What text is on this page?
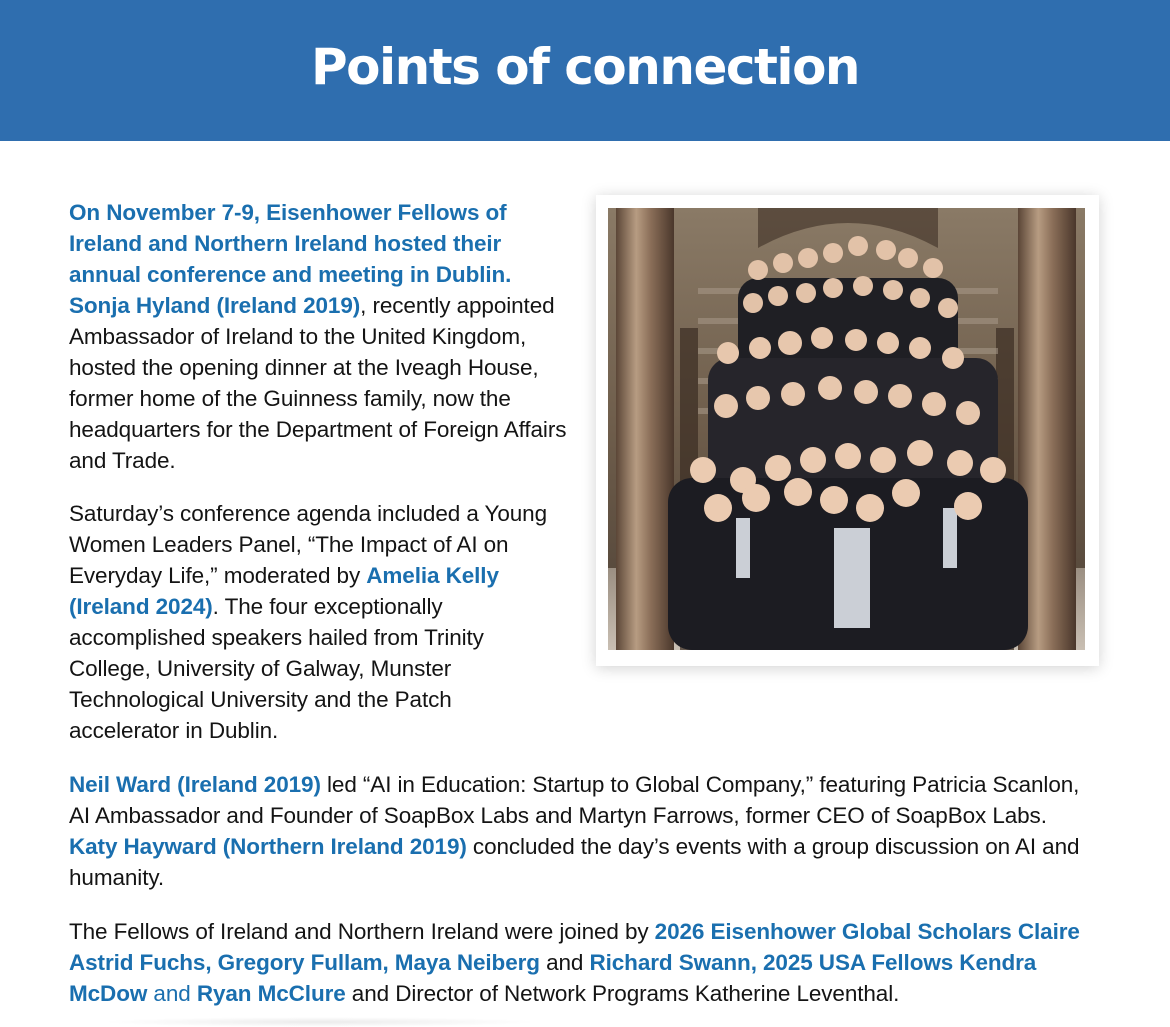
Points of connection

On November 7-9, Eisenhower Fellows of Ireland and Northern Ireland hosted their annual conference and meeting in Dublin. Sonja Hyland (Ireland 2019), recently appointed Ambassador of Ireland to the United Kingdom, hosted the opening dinner at the Iveagh House, former home of the Guinness family, now the headquarters for the Department of Foreign Affairs and Trade.

Saturday’s conference agenda included a Young Women Leaders Panel, “The Impact of AI on Everyday Life,” moderated by Amelia Kelly (Ireland 2024). The four exceptionally accomplished speakers hailed from Trinity College, University of Galway, Munster Technological University and the Patch accelerator in Dublin.

Neil Ward (Ireland 2019) led “AI in Education: Startup to Global Company,” featuring Patricia Scanlon, AI Ambassador and Founder of SoapBox Labs and Martyn Farrows, former CEO of SoapBox Labs. Katy Hayward (Northern Ireland 2019) concluded the day’s events with a group discussion on AI and humanity.

The Fellows of Ireland and Northern Ireland were joined by 2026 Eisenhower Global Scholars Claire Astrid Fuchs, Gregory Fullam, Maya Neiberg and Richard Swann, 2025 USA Fellows Kendra McDow and Ryan McClure and Director of Network Programs Katherine Leventhal.
